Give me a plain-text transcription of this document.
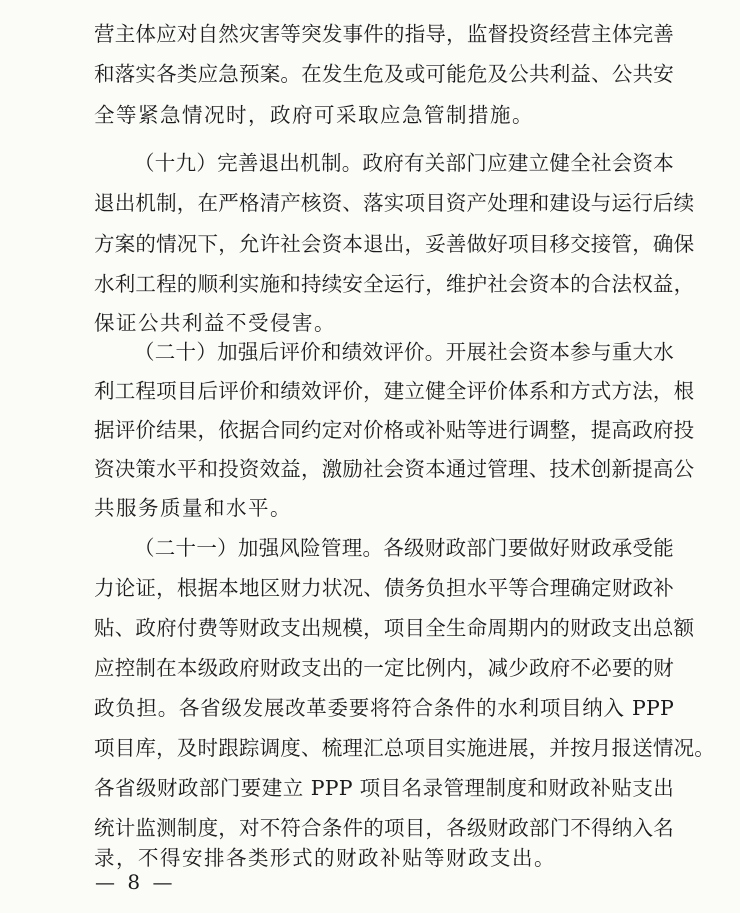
营主体应对自然灾害等突发事件的指导，监督投资经营主体完善
和落实各类应急预案。在发生危及或可能危及公共利益、公共安
全等紧急情况时，政府可采取应急管制措施。
（十九）完善退出机制。政府有关部门应建立健全社会资本
退出机制，在严格清产核资、落实项目资产处理和建设与运行后续
方案的情况下，允许社会资本退出，妥善做好项目移交接管，确保
水利工程的顺利实施和持续安全运行，维护社会资本的合法权益，
保证公共利益不受侵害。
（二十）加强后评价和绩效评价。开展社会资本参与重大水
利工程项目后评价和绩效评价，建立健全评价体系和方式方法，根
据评价结果，依据合同约定对价格或补贴等进行调整，提高政府投
资决策水平和投资效益，激励社会资本通过管理、技术创新提高公
共服务质量和水平。
（二十一）加强风险管理。各级财政部门要做好财政承受能
力论证，根据本地区财力状况、债务负担水平等合理确定财政补
贴、政府付费等财政支出规模，项目全生命周期内的财政支出总额
应控制在本级政府财政支出的一定比例内，减少政府不必要的财
政负担。各省级发展改革委要将符合条件的水利项目纳入 PPP
项目库，及时跟踪调度、梳理汇总项目实施进展，并按月报送情况。
各省级财政部门要建立 PPP 项目名录管理制度和财政补贴支出
统计监测制度，对不符合条件的项目，各级财政部门不得纳入名
录，不得安排各类形式的财政补贴等财政支出。
— 8 —
